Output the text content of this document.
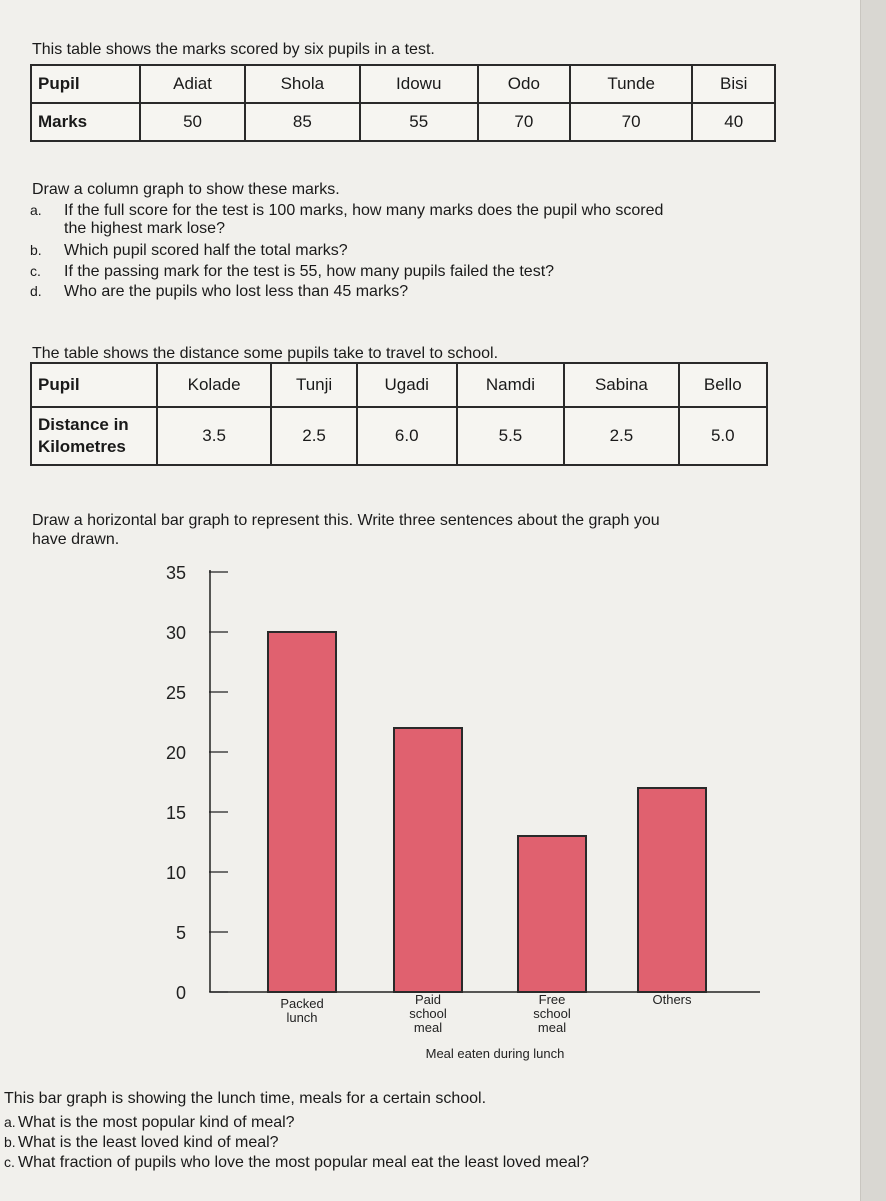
This table shows the marks scored by six pupils in a test.
Pupil	Adiat	Shola	Idowu	Odo	Tunde	Bisi
Marks	50	85	55	70	70	40
Draw a column graph to show these marks.
a. If the full score for the test is 100 marks, how many marks does the pupil who scored
the highest mark lose?
b. Which pupil scored half the total marks?
c. If the passing mark for the test is 55, how many pupils failed the test?
d. Who are the pupils who lost less than 45 marks?
The table shows the distance some pupils take to travel to school.
Pupil	Kolade	Tunji	Ugadi	Namdi	Sabina	Bello
Distance in
Kilometres	3.5	2.5	6.0	5.5	2.5	5.0
Draw a horizontal bar graph to represent this. Write three sentences about the graph you
have drawn.
0
5
10
15
20
25
30
35
Packed
lunch
Paid
school
meal
Free
school
meal
Others
Meal eaten during lunch
This bar graph is showing the lunch time, meals for a certain school.
a. What is the most popular kind of meal?
b. What is the least loved kind of meal?
c. What fraction of pupils who love the most popular meal eat the least loved meal?
